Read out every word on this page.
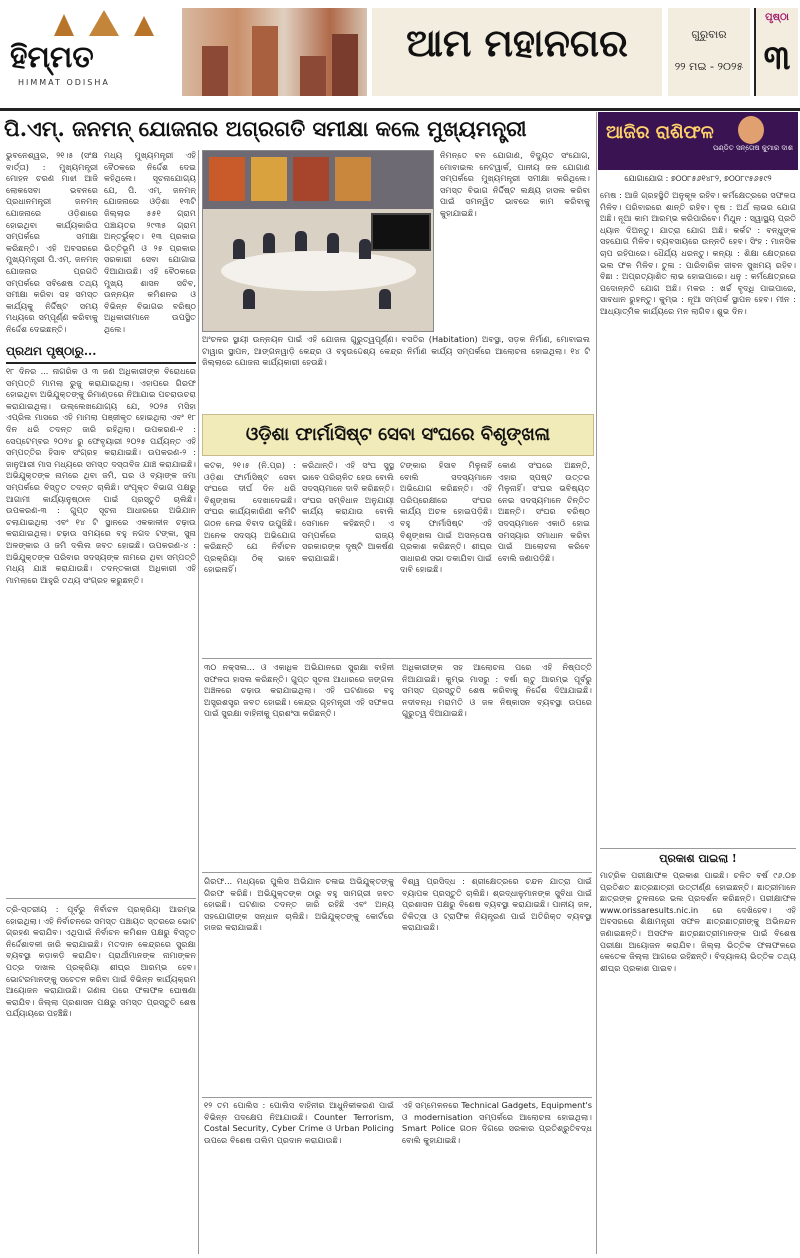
ହିମ୍ମତ
HIMMAT ODISHA
ଆମ ମହାନଗର	ଗୁରୁବାର
୨୨ ମଇ - ୨୦୨୫
ପୃଷ୍ଠା
୩
ପି.ଏମ୍. ଜନମନ୍ ଯୋଜନାର ଅଗ୍ରଗତି ସମୀକ୍ଷା କଲେ ମୁଖ୍ୟମନ୍ତ୍ରୀ
ଭୁବନେଶ୍ୱର, ୨୧।୫ (ସଂକ୍ଷ ବାର୍ତ୍ତା) : ମୁଖ୍ୟମନ୍ତ୍ରୀ ମୋହନ ଚରଣ ମାଝୀ ଆଜି ଲୋକସେବା ଭବନରେ ପ୍ରଧାନମନ୍ତ୍ରୀ ଜନମନ୍ ଯୋଜନାରେ ଓଡ଼ିଶାରେ ହୋଇଥିବା କାର୍ଯ୍ୟକାରିତା ସମ୍ପର୍କରେ ସମୀକ୍ଷା କରିଛନ୍ତି। ଏହି ଅବସରରେ ମୁଖ୍ୟମନ୍ତ୍ରୀ ପି.ଏମ୍. ଜନମନ୍ ଯୋଜନାର ପ୍ରଗତି ସମ୍ପର୍କରେ ସବିଶେଷ ତଥ୍ୟ ସମୀକ୍ଷା କରିବା ସହ ସମସ୍ତ କାର୍ଯ୍ୟକୁ ନିର୍ଦ୍ଦିଷ୍ଟ ସମୟ ମଧ୍ୟରେ ସମ୍ପୂର୍ଣ୍ଣ କରିବାକୁ ନିର୍ଦ୍ଦେଶ ଦେଇଛନ୍ତି।
ମଧ୍ୟ ମୁଖ୍ୟମନ୍ତ୍ରୀ ଏହି ବୈଠକରେ ନିର୍ଦ୍ଦେଶ ଦେଇ କହିଥିଲେ। ସୂଚନାଯୋଗ୍ୟ ଯେ, ପି. ଏମ୍. ଜନମନ୍ ଯୋଜନାରେ ଓଡ଼ିଶା ୧୩ଟି ଜିଲ୍ଲାର ୫୫୧ ଗ୍ରାମ ପଞ୍ଚାୟତର ୨୯୩୫ ଗ୍ରାମ ଅନ୍ତର୍ଭୁକ୍ତ। ୧୩ ପ୍ରକାର ଭିତ୍ତିଭୂମି ଓ ୨୫ ପ୍ରକାର ସରକାରୀ ସେବା ଯୋଗାଇ ଦିଆଯାଉଛି। ଏହି ବୈଠକରେ ମୁଖ୍ୟ ଶାସନ ସଚିବ, ଉନ୍ନୟନ କମିଶନର ଓ ବିଭିନ୍ନ ବିଭାଗର ବରିଷ୍ଠ ଅଧିକାରୀମାନେ ଉପସ୍ଥିତ ଥିଲେ।
ନିମନ୍ତେ ବନ ଯୋଗାଣ, ବିଦ୍ୟୁତ ସଂଯୋଗ, ମୋବାଇଲ ନେଟୱାର୍କ, ପାନୀୟ ଜଳ ଯୋଗାଣ ସମ୍ପର୍କରେ ମୁଖ୍ୟମନ୍ତ୍ରୀ ସମୀକ୍ଷା କରିଥିଲେ। ସମସ୍ତ ବିଭାଗ ନିର୍ଦ୍ଦିଷ୍ଟ ଲକ୍ଷ୍ୟ ହାସଲ କରିବା ପାଇଁ ସମନ୍ୱିତ ଭାବରେ କାମ କରିବାକୁ କୁହାଯାଇଛି।
ଅଂଚଳର ସ୍ଥାୟୀ ଉନ୍ନୟନ ପାଇଁ ଏହି ଯୋଜନା ଗୁରୁତ୍ୱପୂର୍ଣ୍ଣ। ବସତିର (Habitation) ଅବସ୍ଥା, ସଡ଼କ ନିର୍ମାଣ, ମୋବାଇଲ ଟାୱାର ସ୍ଥାପନ, ଆଙ୍ଗନୱାଡ଼ି କେନ୍ଦ୍ର ଓ ବହୁଉଦ୍ଦେଶ୍ୟ କେନ୍ଦ୍ର ନିର୍ମାଣ କାର୍ଯ୍ୟ ସମ୍ପର୍କରେ ଆଲୋଚନା ହୋଇଥିଲା। ୧୪ ଟି ଜିଲ୍ଲାରେ ଯୋଜନା କାର୍ଯ୍ୟକାରୀ ହେଉଛି।
ପ୍ରଥମ ପୃଷ୍ଠାରୁ...
୧୮ ଦିନର ... ନାଗରିକ ଓ ୩ ଜଣ ଅଧିକାରୀଙ୍କ ବିରୋଧରେ ସମ୍ପତ୍ତି ମାମଲା ରୁଜୁ କରାଯାଇଥିଲା। ଏହାପରେ ଗିରଫ ହୋଇଥିବା ଅଭିଯୁକ୍ତଙ୍କୁ ରିମାଣ୍ଡରେ ନିଆଯାଇ ପଚରାଉଚରା କରାଯାଇଥିଲା। ଉଲ୍ଲେଖଯୋଗ୍ୟ ଯେ, ୨୦୨୫ ମସିହା ଏପ୍ରିଲ ମାସରେ ଏହି ମାମଲା ପଞ୍ଜୀକୃତ ହୋଇଥିଲା ଏବଂ ୧୮ ଦିନ ଧରି ତଦନ୍ତ ଜାରି ରହିଥିଲା। ଉପକରଣ-୧ : ସେପ୍ଟେମ୍ବର ୨୦୨୪ ରୁ ଫେବୃୟାରୀ ୨୦୨୫ ପର୍ଯ୍ୟନ୍ତ ଏହି ସମ୍ପତ୍ତିର ହିସାବ ସଂଗ୍ରହ କରାଯାଇଛି। ଉପକରଣ-୨ : ଜାନୁଆରୀ ମାସ ମଧ୍ୟରେ ସମସ୍ତ ଦସ୍ତାବିଜ ଯାଞ୍ଚ କରାଯାଇଛି। ଅଭିଯୁକ୍ତଙ୍କ ନାମରେ ଥିବା ଜମି, ଘର ଓ ବ୍ୟାଙ୍କ ଜମା ସମ୍ପର୍କରେ ବିସ୍ତୃତ ତଦନ୍ତ ଚାଲିଛି। ସଂପୃକ୍ତ ବିଭାଗ ପକ୍ଷରୁ ଆଗାମୀ କାର୍ଯ୍ୟାନୁଷ୍ଠାନ ପାଇଁ ପ୍ରସ୍ତୁତି ଚାଲିଛି। ଉପକରଣ-୩ : ଗୁପ୍ତ ସୂଚନା ଆଧାରରେ ଅଭିଯାନ ଚଲାଯାଇଥିଲା ଏବଂ ୧୪ ଟି ସ୍ଥାନରେ ଏକକାଳୀନ ଚଢ଼ାଉ କରାଯାଇଥିଲା। ଚଢ଼ାଉ ସମୟରେ ବହୁ ନଗଦ ଟଙ୍କା, ସୁନା ଅଳଙ୍କାର ଓ ଜମି ଦଲିଲ ଜବତ ହୋଇଛି। ଉପକରଣ-୪ : ଅଭିଯୁକ୍ତଙ୍କ ପରିବାର ସଦସ୍ୟଙ୍କ ନାମରେ ଥିବା ସମ୍ପତ୍ତି ମଧ୍ୟ ଯାଞ୍ଚ କରାଯାଉଛି। ତଦନ୍ତକାରୀ ଅଧିକାରୀ ଏହି ମାମଲାରେ ଆହୁରି ତଥ୍ୟ ସଂଗ୍ରହ କରୁଛନ୍ତି।
ତ୍ରି-ସ୍ତରୀୟ : ପୂର୍ବରୁ ନିର୍ବାଚନ ପ୍ରକ୍ରିୟା ଆରମ୍ଭ ହୋଇଥିଲା। ଏହି ନିର୍ବାଚନରେ ସମସ୍ତ ପଞ୍ଚାୟତ ସ୍ତରରେ ଭୋଟ ଗ୍ରହଣ କରାଯିବ। ଏଥିପାଇଁ ନିର୍ବାଚନ କମିଶନ ପକ୍ଷରୁ ବିସ୍ତୃତ ନିର୍ଦ୍ଦେଶାବଳୀ ଜାରି କରାଯାଇଛି। ମତଦାନ କେନ୍ଦ୍ରରେ ସୁରକ୍ଷା ବ୍ୟବସ୍ଥା କଡ଼ାକଡ଼ି କରାଯିବ। ପ୍ରାର୍ଥୀମାନଙ୍କ ନାମାଙ୍କନ ପତ୍ର ଦାଖଲ ପ୍ରକ୍ରିୟା ଶୀଘ୍ର ଆରମ୍ଭ ହେବ। ଭୋଟରମାନଙ୍କୁ ସଚେତନ କରିବା ପାଇଁ ବିଭିନ୍ନ କାର୍ଯ୍ୟକ୍ରମ ଆୟୋଜନ କରାଯାଉଛି। ଗଣନା ପରେ ଫଳାଫଳ ଘୋଷଣା କରାଯିବ। ଜିଲ୍ଲା ପ୍ରଶାସନ ପକ୍ଷରୁ ସମସ୍ତ ପ୍ରସ୍ତୁତି ଶେଷ ପର୍ଯ୍ୟାୟରେ ପହଞ୍ଚିଛି।
ଓଡ଼ିଶା ଫାର୍ମାସିଷ୍ଟ ସେବା ସଂଘରେ ବିଶୃଙ୍ଖଳା
କଟକ, ୨୧।୫ (ନି.ପ୍ର) : ଓଡ଼ିଶା ଫାର୍ମାସିଷ୍ଟ ସେବା ସଂଘରେ ଦୀର୍ଘ ଦିନ ଧରି ବିଶୃଙ୍ଖଳା ଦେଖାଦେଇଛି। ସଂଘର କାର୍ଯ୍ୟକାରିଣୀ କମିଟି ଗଠନ ନେଇ ବିବାଦ ଉପୁଜିଛି। ଅନେକ ସଦସ୍ୟ ଅଭିଯୋଗ କରିଛନ୍ତି ଯେ ନିର୍ବାଚନ ପ୍ରକ୍ରିୟା ଠିକ୍ ଭାବେ ହୋଇନାହିଁ।
କରିଥାନ୍ତି। ଏହି ସଂଘ ସୁସ୍ଥ ଭାବେ ପରିଚାଳିତ ହେଉ ବୋଲି ସଦସ୍ୟମାନେ ଦାବି କରିଛନ୍ତି। ସଂଘର ସମ୍ବିଧାନ ଅନୁଯାୟୀ କାର୍ଯ୍ୟ କରାଯାଉ ବୋଲି ସେମାନେ କହିଛନ୍ତି। ଏ ସମ୍ପର୍କରେ ରାଜ୍ୟ ସରକାରଙ୍କ ଦୃଷ୍ଟି ଆକର୍ଷଣ କରାଯାଇଛି।
ଟଙ୍କାର ହିସାବ ମିଳୁନାହିଁ ବୋଲି ସଦସ୍ୟମାନେ ଅଭିଯୋଗ କରିଛନ୍ତି। ଏହି ପରିପ୍ରେକ୍ଷୀରେ ସଂଘର କାର୍ଯ୍ୟ ଅଚଳ ହୋଇପଡ଼ିଛି। ବହୁ ଫାର୍ମାସିଷ୍ଟ ଏହି ବିଶୃଙ୍ଖଳା ପାଇଁ ଅସନ୍ତୋଷ ପ୍ରକାଶ କରିଛନ୍ତି। ଶୀଘ୍ର ସାଧାରଣ ସଭା ଡକାଯିବା ପାଇଁ ଦାବି ହୋଇଛି।
କୋଣ ସଂଘରେ ଅଛନ୍ତି, ଏହାର ସ୍ପଷ୍ଟ ଉତ୍ତର ମିଳୁନାହିଁ। ସଂଘର ଭବିଷ୍ୟତ ନେଇ ସଦସ୍ୟମାନେ ଚିନ୍ତିତ ଅଛନ୍ତି। ସଂଘର ବରିଷ୍ଠ ସଦସ୍ୟମାନେ ଏକାଠି ହୋଇ ସମସ୍ୟାର ସମାଧାନ କରିବା ପାଇଁ ଆଲୋଚନା କରିବେ ବୋଲି ଜଣାପଡ଼ିଛି।
୩୦ ନକ୍ସଲ... ଓ ଏକାଧିକ ଅଭିଯାନରେ ସୁରକ୍ଷା ବାହିନୀ ସଫଳତା ହାସଲ କରିଛନ୍ତି। ଗୁପ୍ତ ସୂଚନା ଆଧାରରେ ଜଙ୍ଗଲ ଅଞ୍ଚଳରେ ଚଢ଼ାଉ କରାଯାଇଥିଲା। ଏହି ଘଟଣାରେ ବହୁ ଅସ୍ତ୍ରଶସ୍ତ୍ର ଜବତ ହୋଇଛି। କେନ୍ଦ୍ର ଗୃହମନ୍ତ୍ରୀ ଏହି ସଫଳତା ପାଇଁ ସୁରକ୍ଷା ବାହିନୀକୁ ପ୍ରଶଂସା କରିଛନ୍ତି।
ଅଧିକାରୀଙ୍କ ସହ ଆଲୋଚନା ପରେ ଏହି ନିଷ୍ପତ୍ତି ନିଆଯାଇଛି। କୁମ୍ଭ ମାସରୁ : ବର୍ଷା ଋତୁ ଆରମ୍ଭ ପୂର୍ବରୁ ସମସ୍ତ ପ୍ରସ୍ତୁତି ଶେଷ କରିବାକୁ ନିର୍ଦ୍ଦେଶ ଦିଆଯାଇଛି। ନଦୀବନ୍ଧ ମରାମତି ଓ ଜଳ ନିଷ୍କାସନ ବ୍ୟବସ୍ଥା ଉପରେ ଗୁରୁତ୍ୱ ଦିଆଯାଇଛି।
ଗିରଫ... ମଧ୍ୟରେ ପୁଲିସ ଅଭିଯାନ ଚଳାଇ ଅଭିଯୁକ୍ତଙ୍କୁ ଗିରଫ କରିଛି। ଅଭିଯୁକ୍ତଙ୍କ ଠାରୁ ବହୁ ସାମଗ୍ରୀ ଜବତ ହୋଇଛି। ଘଟଣାର ତଦନ୍ତ ଜାରି ରହିଛି ଏବଂ ଅନ୍ୟ ସହଯୋଗୀଙ୍କ ସନ୍ଧାନ ଚାଲିଛି। ଅଭିଯୁକ୍ତଙ୍କୁ କୋର୍ଟରେ ହାଜର କରାଯାଇଛି।
ବିଶ୍ୱ ପ୍ରସିଦ୍ଧ : ଶ୍ରୀକ୍ଷେତ୍ରରେ ଚନ୍ଦନ ଯାତ୍ରା ପାଇଁ ବ୍ୟାପକ ପ୍ରସ୍ତୁତି ଚାଲିଛି। ଶ୍ରଦ୍ଧାଳୁମାନଙ୍କ ସୁବିଧା ପାଇଁ ପ୍ରଶାସନ ପକ୍ଷରୁ ବିଶେଷ ବ୍ୟବସ୍ଥା କରାଯାଇଛି। ପାନୀୟ ଜଳ, ଚିକିତ୍ସା ଓ ଟ୍ରାଫିକ ନିୟନ୍ତ୍ରଣ ପାଇଁ ଅତିରିକ୍ତ ବ୍ୟବସ୍ଥା କରାଯାଇଛି।
୧୨ ତମ ପୋଲିସ : ପୋଲିସ ବାହିନୀର ଆଧୁନିକୀକରଣ ପାଇଁ ବିଭିନ୍ନ ପଦକ୍ଷେପ ନିଆଯାଉଛି। Counter Terrorism, Costal Security, Cyber Crime ଓ Urban Policing ଉପରେ ବିଶେଷ ତାଲିମ ପ୍ରଦାନ କରାଯାଉଛି।
ଏହି ସମ୍ମେଳନରେ Technical Gadgets, Equipment's ଓ modernisation ସମ୍ପର୍କରେ ଆଲୋଚନା ହୋଇଥିଲା। Smart Police ଗଠନ ଦିଗରେ ସରକାର ପ୍ରତିଶ୍ରୁତିବଦ୍ଧ ବୋଲି କୁହାଯାଇଛି।
ଆଜିର ରାଶିଫଳ
ପଣ୍ଡିତ ସନ୍ତୋଷ କୁମାର ଦାଶ
ଯୋଗାଯୋଗ : ୭୦୦୮୫୬୧୪୮୨, ୭୦୦୮୯୫୬୫୯୨
ମେଷ : ଆଜି ଗ୍ରହସ୍ଥିତି ଅନୁକୂଳ ରହିବ। କର୍ମକ୍ଷେତ୍ରରେ ସଫଳତା ମିଳିବ। ପରିବାରରେ ଶାନ୍ତି ରହିବ। ବୃଷ : ଅର୍ଥ ଲାଭର ଯୋଗ ଅଛି। ନୂଆ କାମ ଆରମ୍ଭ କରିପାରିବେ। ମିଥୁନ : ସ୍ୱାସ୍ଥ୍ୟ ପ୍ରତି ଧ୍ୟାନ ଦିଅନ୍ତୁ। ଯାତ୍ରା ଯୋଗ ଅଛି। କର୍କଟ : ବନ୍ଧୁଙ୍କ ସହଯୋଗ ମିଳିବ। ବ୍ୟବସାୟରେ ଉନ୍ନତି ହେବ। ସିଂହ : ମାନସିକ ଚାପ ରହିପାରେ। ଧୈର୍ଯ୍ୟ ଧରନ୍ତୁ। କନ୍ୟା : ଶିକ୍ଷା କ୍ଷେତ୍ରରେ ଭଲ ଫଳ ମିଳିବ। ତୁଳା : ପାରିବାରିକ ଜୀବନ ସୁଖମୟ ରହିବ। ବିଛା : ଅପ୍ରତ୍ୟାଶିତ ଲାଭ ହୋଇପାରେ। ଧନୁ : କର୍ମକ୍ଷେତ୍ରରେ ପଦୋନ୍ନତି ଯୋଗ ଅଛି। ମକର : ଖର୍ଚ୍ଚ ବୃଦ୍ଧି ପାଇପାରେ, ସାବଧାନ ରୁହନ୍ତୁ। କୁମ୍ଭ : ନୂଆ ସମ୍ପର୍କ ସ୍ଥାପନ ହେବ। ମୀନ : ଆଧ୍ୟାତ୍ମିକ କାର୍ଯ୍ୟରେ ମନ ଲାଗିବ। ଶୁଭ ଦିନ।
ପ୍ରକାଶ ପାଇଲା !
ମାଟ୍ରିକ ପରୀକ୍ଷାଫଳ ପ୍ରକାଶ ପାଇଛି। ଚଳିତ ବର୍ଷ ୯୬.୦୭ ପ୍ରତିଶତ ଛାତ୍ରଛାତ୍ରୀ ଉତ୍ତୀର୍ଣ୍ଣ ହୋଇଛନ୍ତି। ଛାତ୍ରୀମାନେ ଛାତ୍ରଙ୍କ ତୁଳନାରେ ଭଲ ପ୍ରଦର୍ଶନ କରିଛନ୍ତି। ପରୀକ୍ଷାଫଳ www.orissaresults.nic.in ରେ ଦେଖିହେବ। ଏହି ଅବସରରେ ଶିକ୍ଷାମନ୍ତ୍ରୀ ସଫଳ ଛାତ୍ରଛାତ୍ରୀଙ୍କୁ ଅଭିନନ୍ଦନ ଜଣାଇଛନ୍ତି। ଅସଫଳ ଛାତ୍ରଛାତ୍ରୀମାନଙ୍କ ପାଇଁ ବିଶେଷ ପରୀକ୍ଷା ଆୟୋଜନ କରାଯିବ। ଜିଲ୍ଲା ଭିତ୍ତିକ ଫଳାଫଳରେ କେତେକ ଜିଲ୍ଲା ଆଗରେ ରହିଛନ୍ତି। ବିଦ୍ୟାଳୟ ଭିତ୍ତିକ ତଥ୍ୟ ଶୀଘ୍ର ପ୍ରକାଶ ପାଇବ।
